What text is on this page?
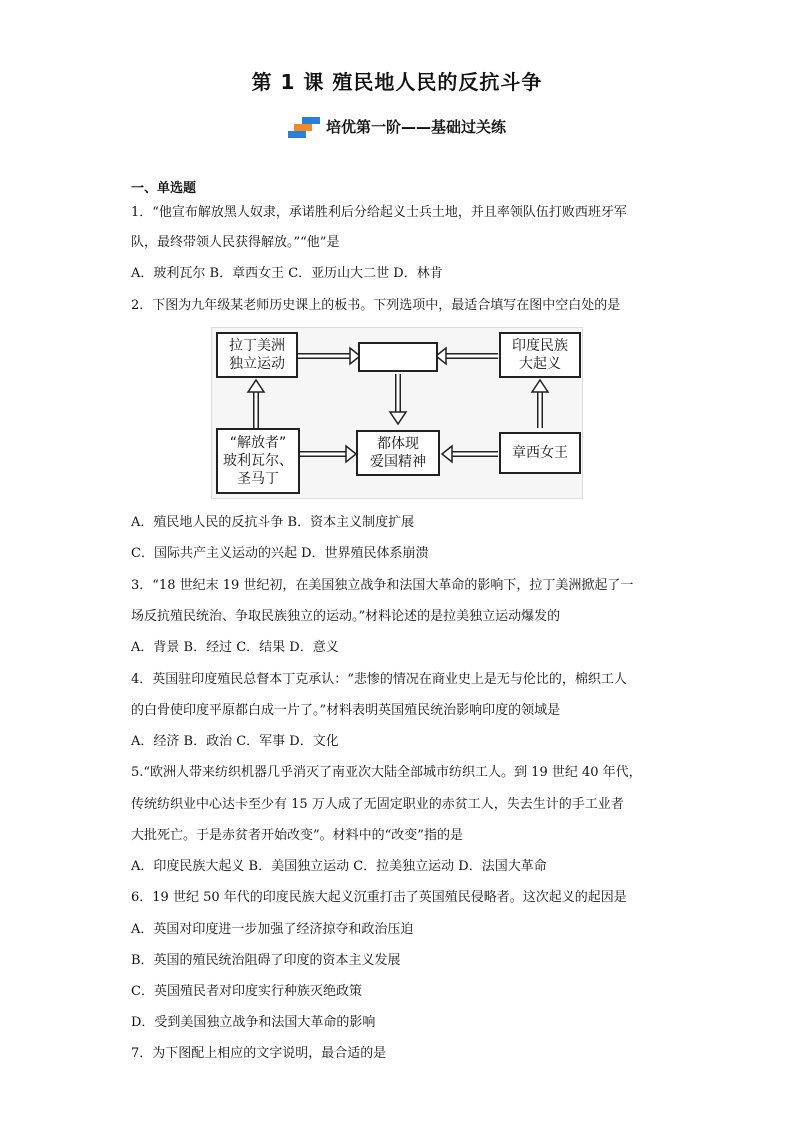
第 1 课 殖民地人民的反抗斗争
培优第一阶——基础过关练
一、单选题
1．“他宣布解放黑人奴隶，承诺胜利后分给起义士兵土地，并且率领队伍打败西班牙军
队，最终带领人民获得解放。”“他”是
A．玻利瓦尔 B．章西女王 C．亚历山大二世 D．林肯
2．下图为九年级某老师历史课上的板书。下列选项中，最适合填写在图中空白处的是
拉丁美洲
独立运动
印度民族
大起义
“解放者”
玻利瓦尔、
圣马丁
都体现
爱国精神
章西女王
A．殖民地人民的反抗斗争 B．资本主义制度扩展
C．国际共产主义运动的兴起 D．世界殖民体系崩溃
3．“18 世纪末 19 世纪初，在美国独立战争和法国大革命的影响下，拉丁美洲掀起了一
场反抗殖民统治、争取民族独立的运动。”材料论述的是拉美独立运动爆发的
A．背景 B．经过 C．结果 D．意义
4．英国驻印度殖民总督本丁克承认：“悲惨的情况在商业史上是无与伦比的，棉织工人
的白骨使印度平原都白成一片了。”材料表明英国殖民统治影响印度的领域是
A．经济 B．政治 C．军事 D．文化
5.“欧洲人带来纺织机器几乎消灭了南亚次大陆全部城市纺织工人。到 19 世纪 40 年代，
传统纺织业中心达卡至少有 15 万人成了无固定职业的赤贫工人，失去生计的手工业者
大批死亡。于是赤贫者开始改变”。材料中的“改变”指的是
A．印度民族大起义 B．美国独立运动 C．拉美独立运动 D．法国大革命
6．19 世纪 50 年代的印度民族大起义沉重打击了英国殖民侵略者。这次起义的起因是
A．英国对印度进一步加强了经济掠夺和政治压迫
B．英国的殖民统治阻碍了印度的资本主义发展
C．英国殖民者对印度实行种族灭绝政策
D．受到美国独立战争和法国大革命的影响
7．为下图配上相应的文字说明，最合适的是
